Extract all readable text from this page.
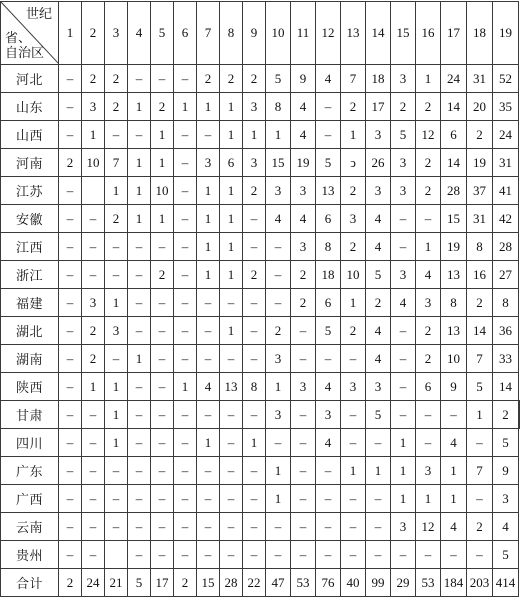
世纪
省、
自治区	1	2	3	4	5	6	7	8	9	10	11	12	13	14	15	16	17	18	19	
河北	–	2	2	–	–	–	2	2	2	5	9	4	7	18	3	1	24	31	52	
山东	–	3	2	1	2	1	1	1	3	8	4	–	2	17	2	2	14	20	35	
山西	–	1	–	–	1	–	–	1	1	1	4	–	1	3	5	12	6	2	24	
河南	2	10	7	1	1	–	3	6	3	15	19	5	ↄ	26	3	2	14	19	31	
江苏	–		1	1	10	–	1	1	2	3	3	13	2	3	3	2	28	37	41	
安徽	–	–	2	1	1	–	1	1	–	4	4	6	3	4	–	–	15	31	42	
江西	–	–	–	–	–	–	1	1	–	–	3	8	2	4	–	1	19	8	28	
浙江	–	–	–	–	2	–	1	1	2	–	2	18	10	5	3	4	13	16	27	
福建	–	3	1	–	–	–	–	–	–	–	2	6	1	2	4	3	8	2	8	
湖北	–	2	3	–	–	–	–	1	–	2	–	5	2	4	–	2	13	14	36	
湖南	–	2	–	1	–	–	–	–	–	3	–	–	–	4	–	2	10	7	33	
陕西	–	1	1	–	–	1	4	13	8	1	3	4	3	3	–	6	9	5	14	
甘肃	–	–	1	–	–	–	–	–	–	3	–	3	–	5	–	–	–	1	2	
四川	–	–	1	–	–	–	1	–	1	–	–	4	–	–	1	–	4	–	5	
广东	–	–	–	–	–	–	–	–	–	1	–	–	1	1	1	3	1	7	9	
广西	–	–	–	–	–	–	–	–	–	1	–	–	–	–	1	1	1	–	3	
云南	–	–	–	–	–	–	–	–	–	–	–	–	–	–	3	12	4	2	4	
贵州	–	–		–	–	–	–	–	–	–	–	–	–	–	–	–	–	–	5	
合计	2	24	21	5	17	2	15	28	22	47	53	76	40	99	29	53	184	203	414	
